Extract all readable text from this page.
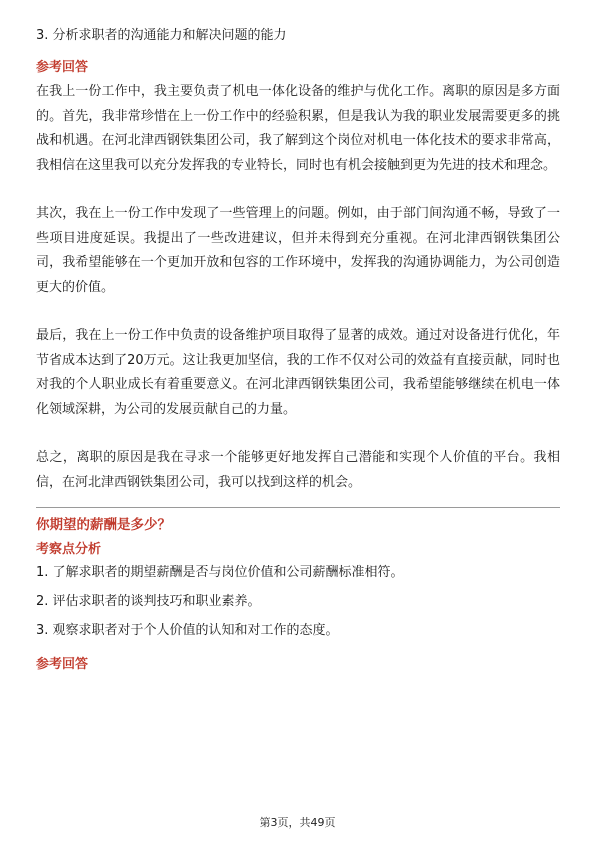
3. 分析求职者的沟通能力和解决问题的能力

参考回答

在我上一份工作中，我主要负责了机电一体化设备的维护与优化工作。离职的原因是多方面的。首先，我非常珍惜在上一份工作中的经验积累，但是我认为我的职业发展需要更多的挑战和机遇。在河北津西钢铁集团公司，我了解到这个岗位对机电一体化技术的要求非常高，我相信在这里我可以充分发挥我的专业特长，同时也有机会接触到更为先进的技术和理念。

其次，我在上一份工作中发现了一些管理上的问题。例如，由于部门间沟通不畅，导致了一些项目进度延误。我提出了一些改进建议，但并未得到充分重视。在河北津西钢铁集团公司，我希望能够在一个更加开放和包容的工作环境中，发挥我的沟通协调能力，为公司创造更大的价值。

最后，我在上一份工作中负责的设备维护项目取得了显著的成效。通过对设备进行优化，年节省成本达到了20万元。这让我更加坚信，我的工作不仅对公司的效益有直接贡献，同时也对我的个人职业成长有着重要意义。在河北津西钢铁集团公司，我希望能够继续在机电一体化领域深耕，为公司的发展贡献自己的力量。

总之，离职的原因是我在寻求一个能够更好地发挥自己潜能和实现个人价值的平台。我相信，在河北津西钢铁集团公司，我可以找到这样的机会。

你期望的薪酬是多少？

考察点分析

1. 了解求职者的期望薪酬是否与岗位价值和公司薪酬标准相符。

2. 评估求职者的谈判技巧和职业素养。

3. 观察求职者对于个人价值的认知和对工作的态度。

参考回答

第3页，共49页
